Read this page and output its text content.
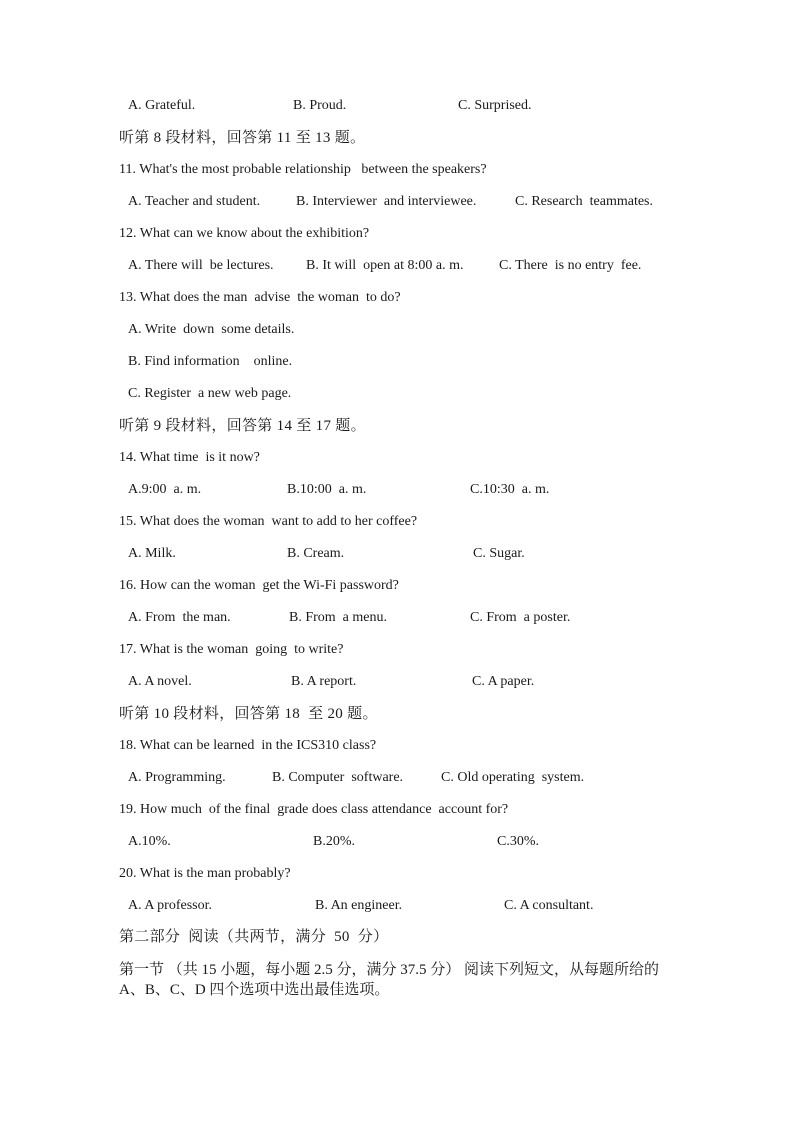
A. Grateful.	B. Proud.	C. Surprised.
听第 8 段材料，回答第 11 至 13 题。
11. What's the most probable relationship   between the speakers?
A. Teacher and student.	B. Interviewer  and interviewee.	C. Research  teammates.
12. What can we know about the exhibition?
A. There will  be lectures. B. It will  open at 8:00 a. m.	C. There  is no entry  fee.
13. What does the man  advise  the woman  to do?
A. Write  down  some details.
B. Find information    online.
C. Register  a new web page.
听第 9 段材料，回答第 14 至 17 题。
14. What time  is it now?
A.9:00  a. m.	B.10:00  a. m.	C.10:30  a. m.
15. What does the woman  want to add to her coffee?
A. Milk.	B. Cream.	C. Sugar.
16. How can the woman  get the Wi-Fi password?
A. From  the man.	B. From  a menu.	C. From  a poster.
17. What is the woman  going  to write?
A. A novel.	B. A report.	C. A paper.
听第 10 段材料，回答第 18  至 20 题。
18. What can be learned  in the ICS310 class?
A. Programming.	B. Computer  software.	C. Old operating  system.
19. How much  of the final  grade does class attendance  account for?
A.10%.	B.20%.	C.30%.
20. What is the man probably?
A. A professor.	B. An engineer.	C. A consultant.
第二部分  阅读（共两节，满分  50  分）
第一节 （共 15 小题，每小题 2.5 分，满分 37.5 分） 阅读下列短文，从每题所给的 A、B、C、D 四个选项中选出最佳选项。
